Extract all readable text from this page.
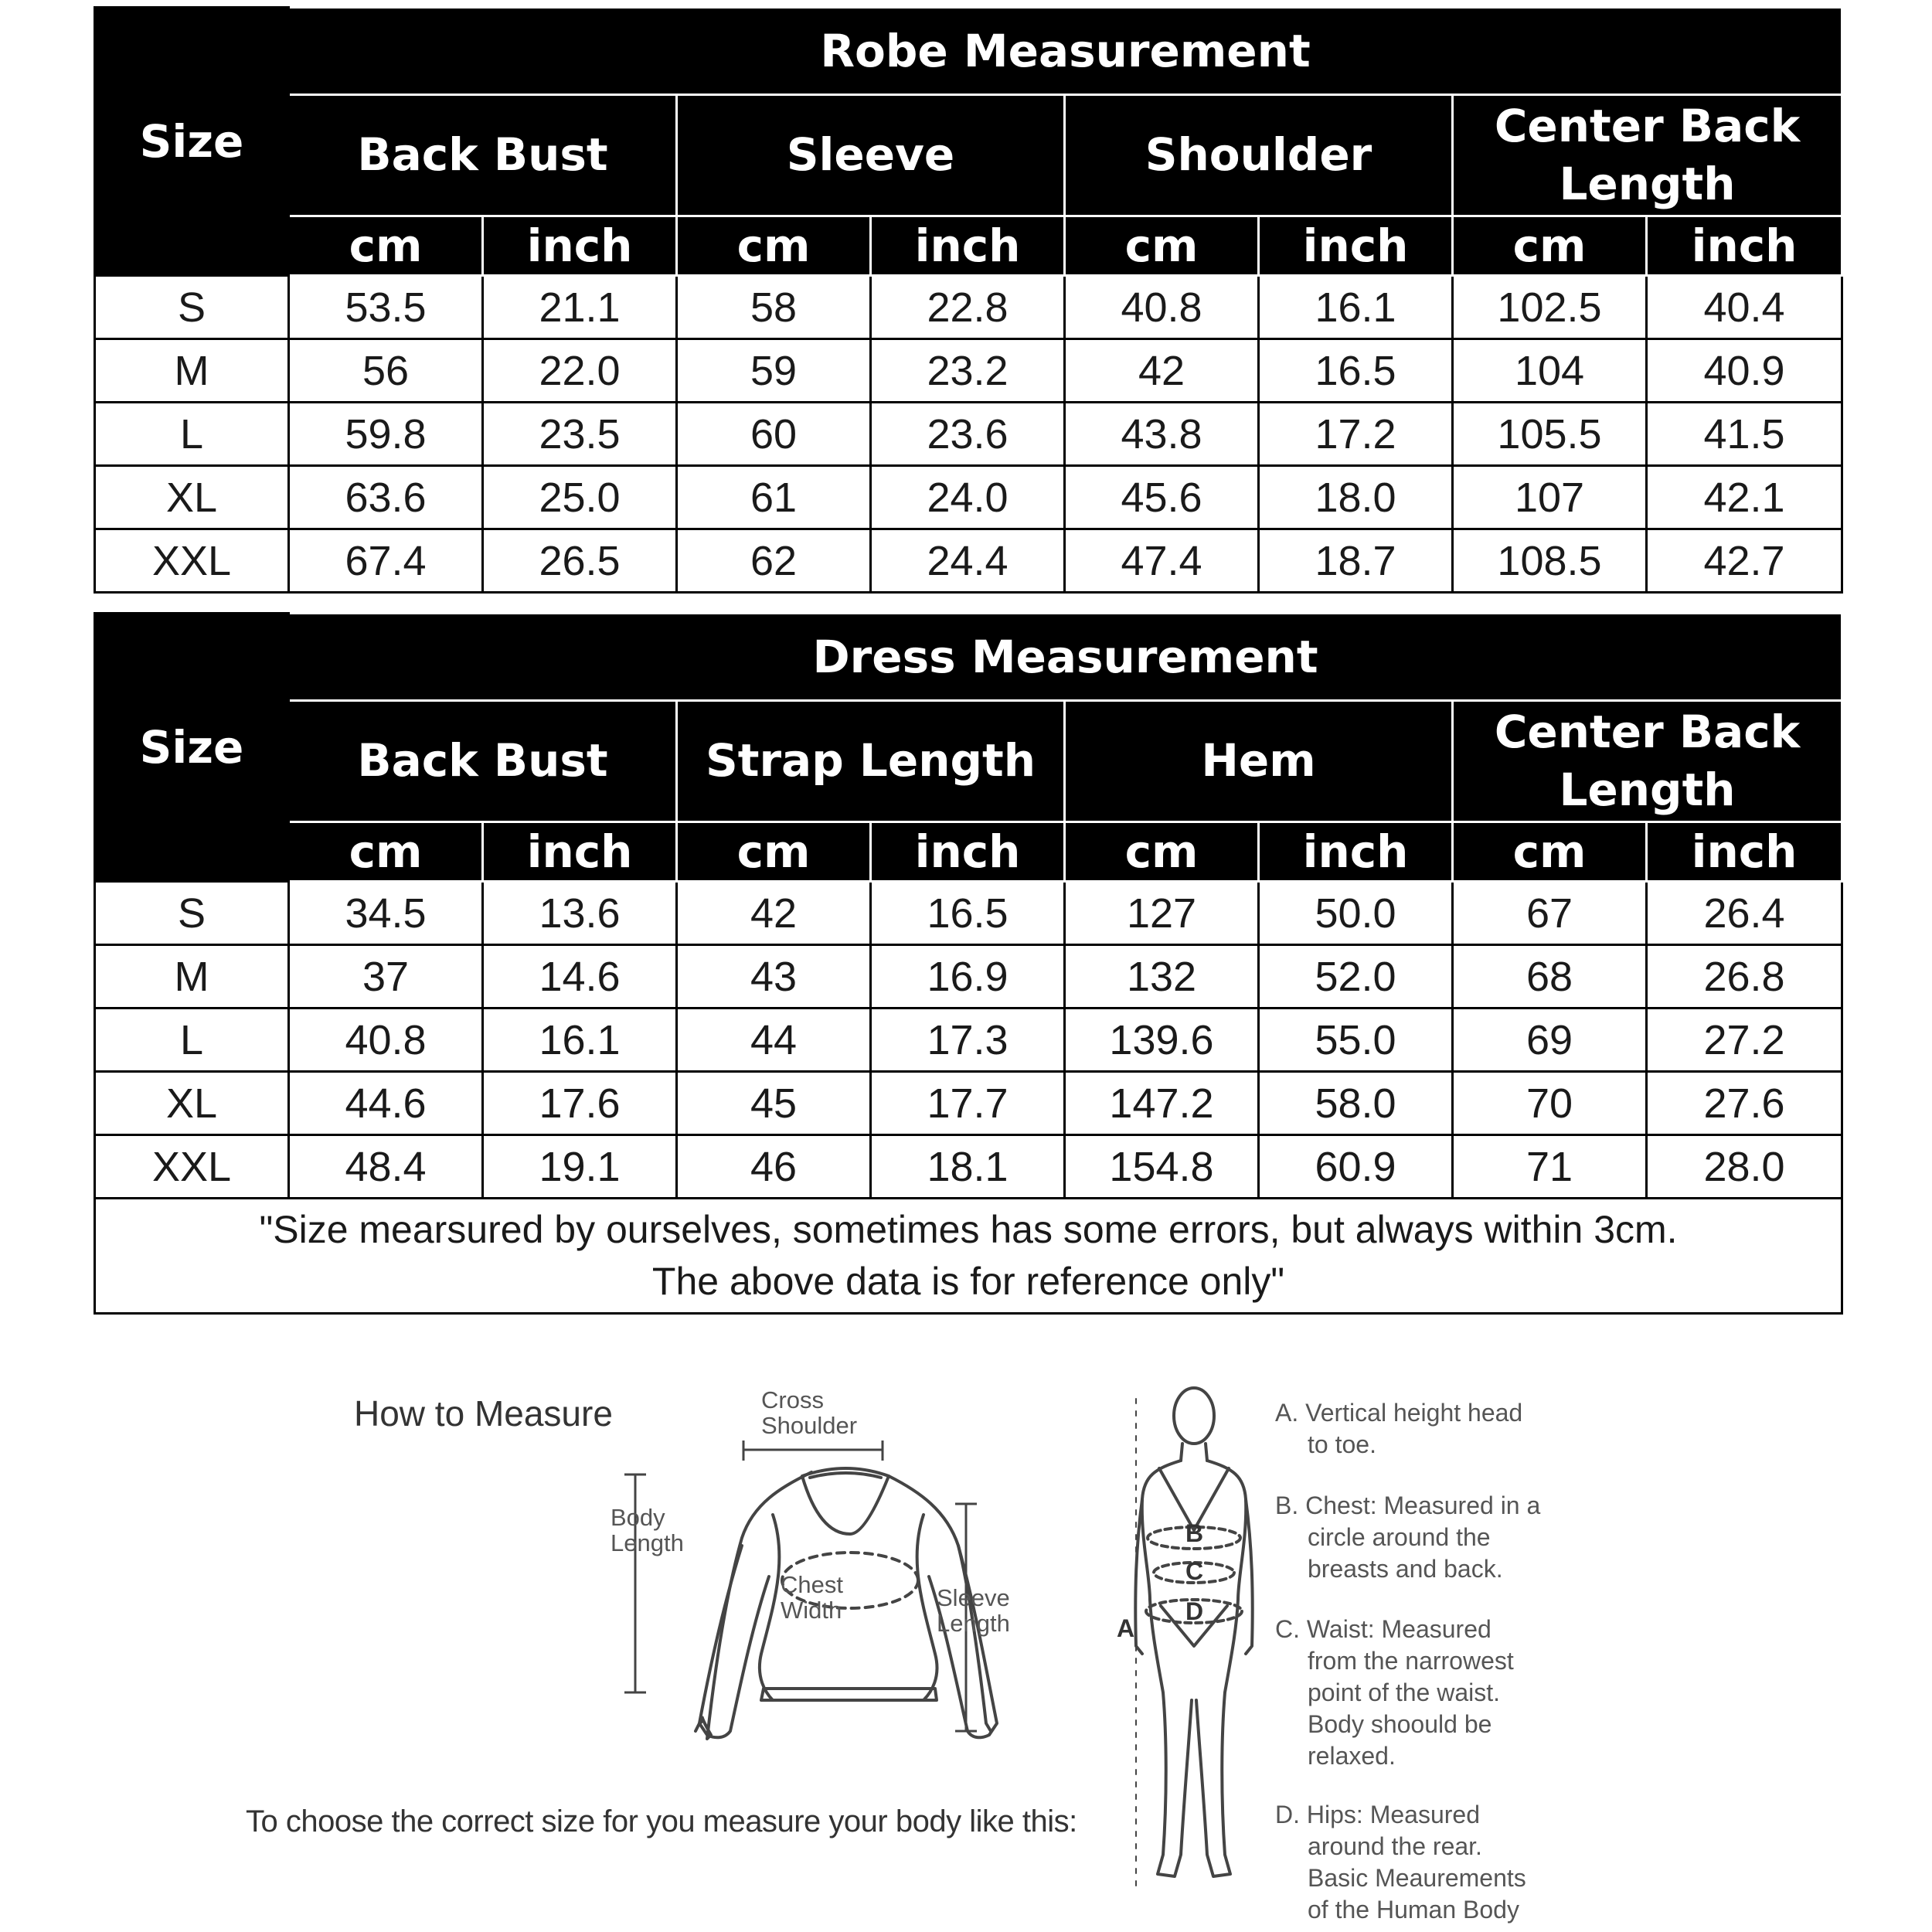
Size	Robe Measurement							
	Back Bust		Sleeve		Shoulder		Center Back Length	
	cm	inch	cm	inch	cm	inch	cm	inch
S	53.5	21.1	58	22.8	40.8	16.1	102.5	40.4
M	56	22.0	59	23.2	42	16.5	104	40.9
L	59.8	23.5	60	23.6	43.8	17.2	105.5	41.5
XL	63.6	25.0	61	24.0	45.6	18.0	107	42.1
XXL	67.4	26.5	62	24.4	47.4	18.7	108.5	42.7
Size	Dress Measurement							
	Back Bust		Strap Length		Hem		Center Back Length	
	cm	inch	cm	inch	cm	inch	cm	inch
S	34.5	13.6	42	16.5	127	50.0	67	26.4
M	37	14.6	43	16.9	132	52.0	68	26.8
L	40.8	16.1	44	17.3	139.6	55.0	69	27.2
XL	44.6	17.6	45	17.7	147.2	58.0	70	27.6
XXL	48.4	19.1	46	18.1	154.8	60.9	71	28.0
"Size mearsured by ourselves, sometimes has some errors, but always within 3cm.
The above data is for reference only"								
How to Measure
A
B
C
D
Cross
Shoulder
Body
Length
Chest
Width	Sleeve
Length
To choose the correct size for you measure your body like this:

A. Vertical height head

to toe.

B. Chest: Measured in a

circle around the

breasts and back.

C. Waist: Measured

from the narrowest

point of the waist.

Body shoould be

relaxed.

D. Hips: Measured

around the rear.

Basic Meaurements

of the Human Body
